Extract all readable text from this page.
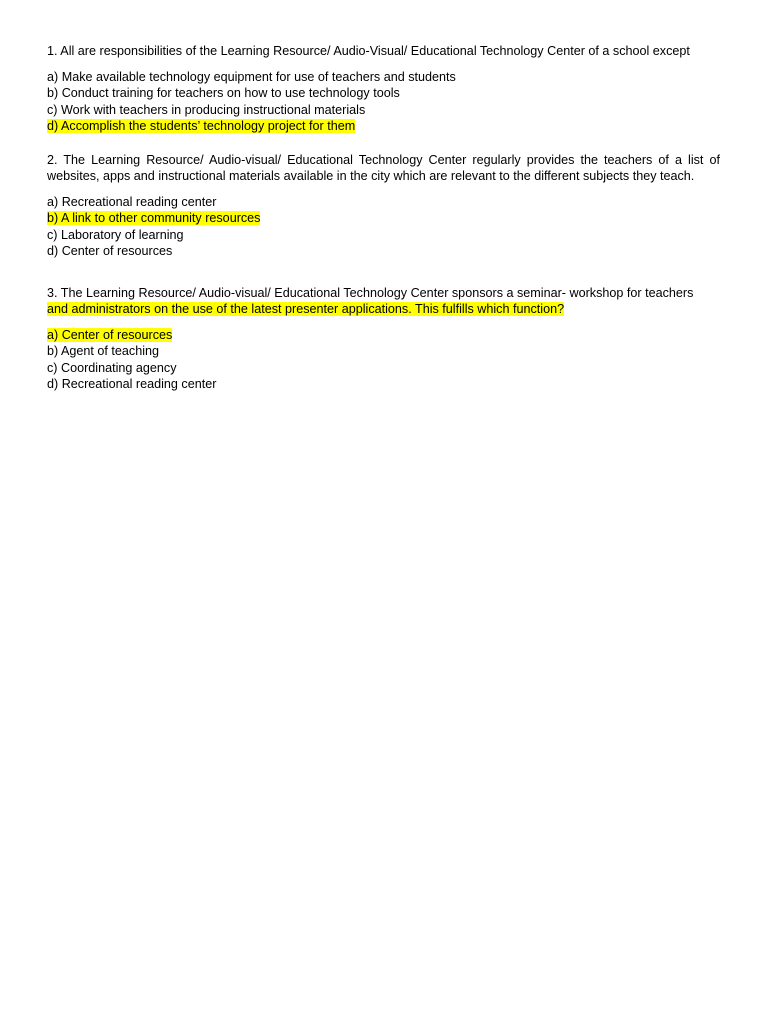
1. All are responsibilities of the Learning Resource/ Audio-Visual/ Educational Technology Center of a school except

a) Make available technology equipment for use of teachers and students
b) Conduct training for teachers on how to use technology tools
c) Work with teachers in producing instructional materials
d) Accomplish the students’ technology project for them

2. The Learning Resource/ Audio-visual/ Educational Technology Center regularly provides the teachers of a list of websites, apps and instructional materials available in the city which are relevant to the different subjects they teach.

a) Recreational reading center
b) A link to other community resources
c) Laboratory of learning
d) Center of resources

3. The Learning Resource/ Audio-visual/ Educational Technology Center sponsors a seminar- workshop for teachers

and administrators on the use of the latest presenter applications. This fulfills which function?

a) Center of resources
b) Agent of teaching
c) Coordinating agency
d) Recreational reading center
